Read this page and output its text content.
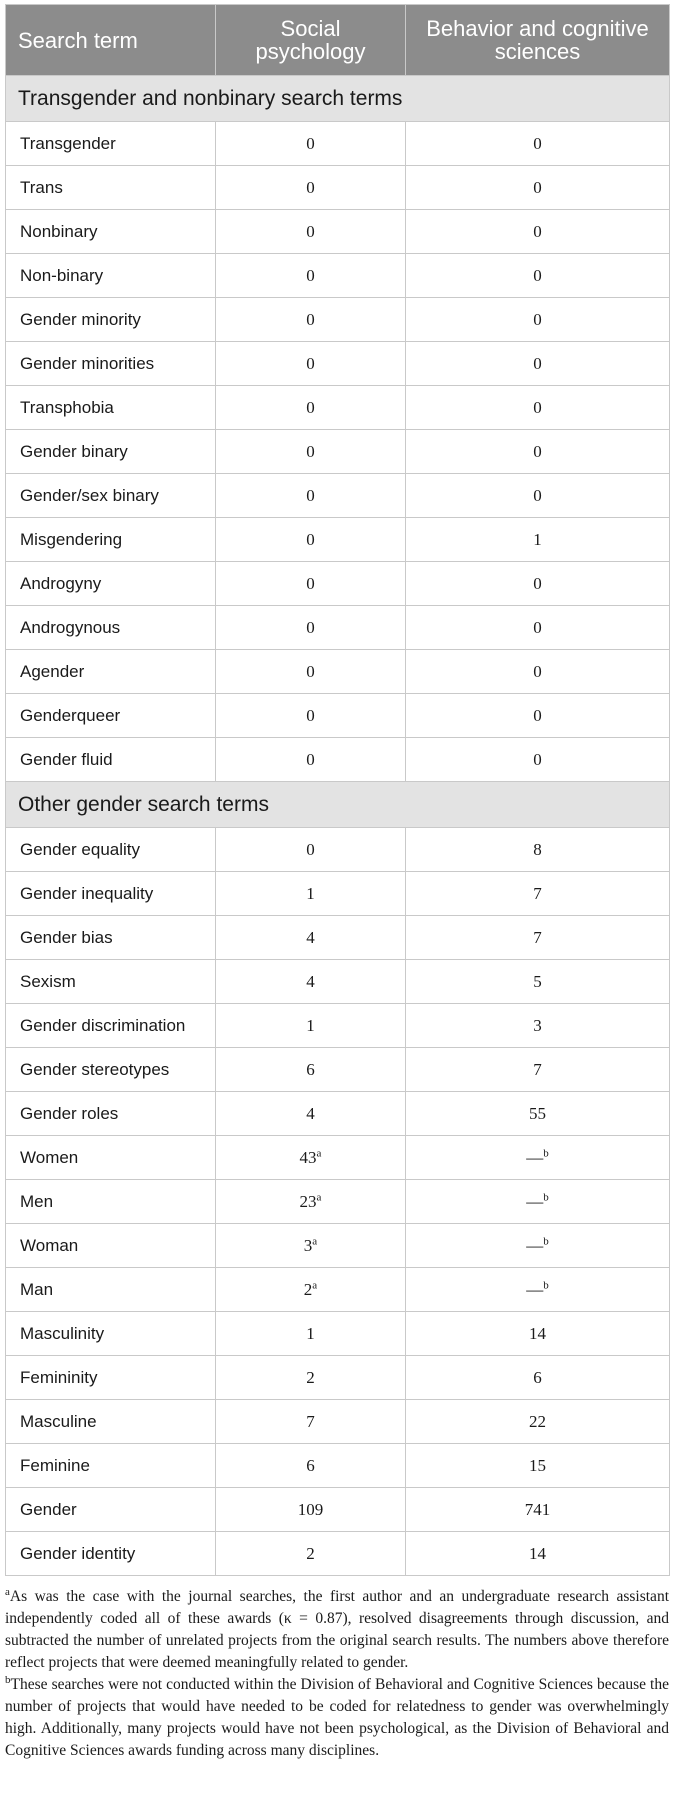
Search term	Social psychology	Behavior and cognitive sciences
Transgender and nonbinary search terms		
Transgender	0	0
Trans	0	0
Nonbinary	0	0
Non-binary	0	0
Gender minority	0	0
Gender minorities	0	0
Transphobia	0	0
Gender binary	0	0
Gender/sex binary	0	0
Misgendering	0	1
Androgyny	0	0
Androgynous	0	0
Agender	0	0
Genderqueer	0	0
Gender fluid	0	0
Other gender search terms		
Gender equality	0	8
Gender inequality	1	7
Gender bias	4	7
Sexism	4	5
Gender discrimination	1	3
Gender stereotypes	6	7
Gender roles	4	55
Women	43$^a$	—$^b$
Men	23$^a$	—$^b$
Woman	3$^a$	—$^b$
Man	2$^a$	—$^b$
Masculinity	1	14
Femininity	2	6
Masculine	7	22
Feminine	6	15
Gender	109	741
Gender identity	2	14

$^a$As was the case with the journal searches, the first author and an undergraduate research assistant independently coded all of these awards (κ = 0.87), resolved disagreements through discussion, and subtracted the number of unrelated projects from the original search results. The numbers above therefore reflect projects that were deemed meaningfully related to gender.

$^b$These searches were not conducted within the Division of Behavioral and Cognitive Sciences because the number of projects that would have needed to be coded for relatedness to gender was overwhelmingly high. Additionally, many projects would have not been psychological, as the Division of Behavioral and Cognitive Sciences awards funding across many disciplines.
